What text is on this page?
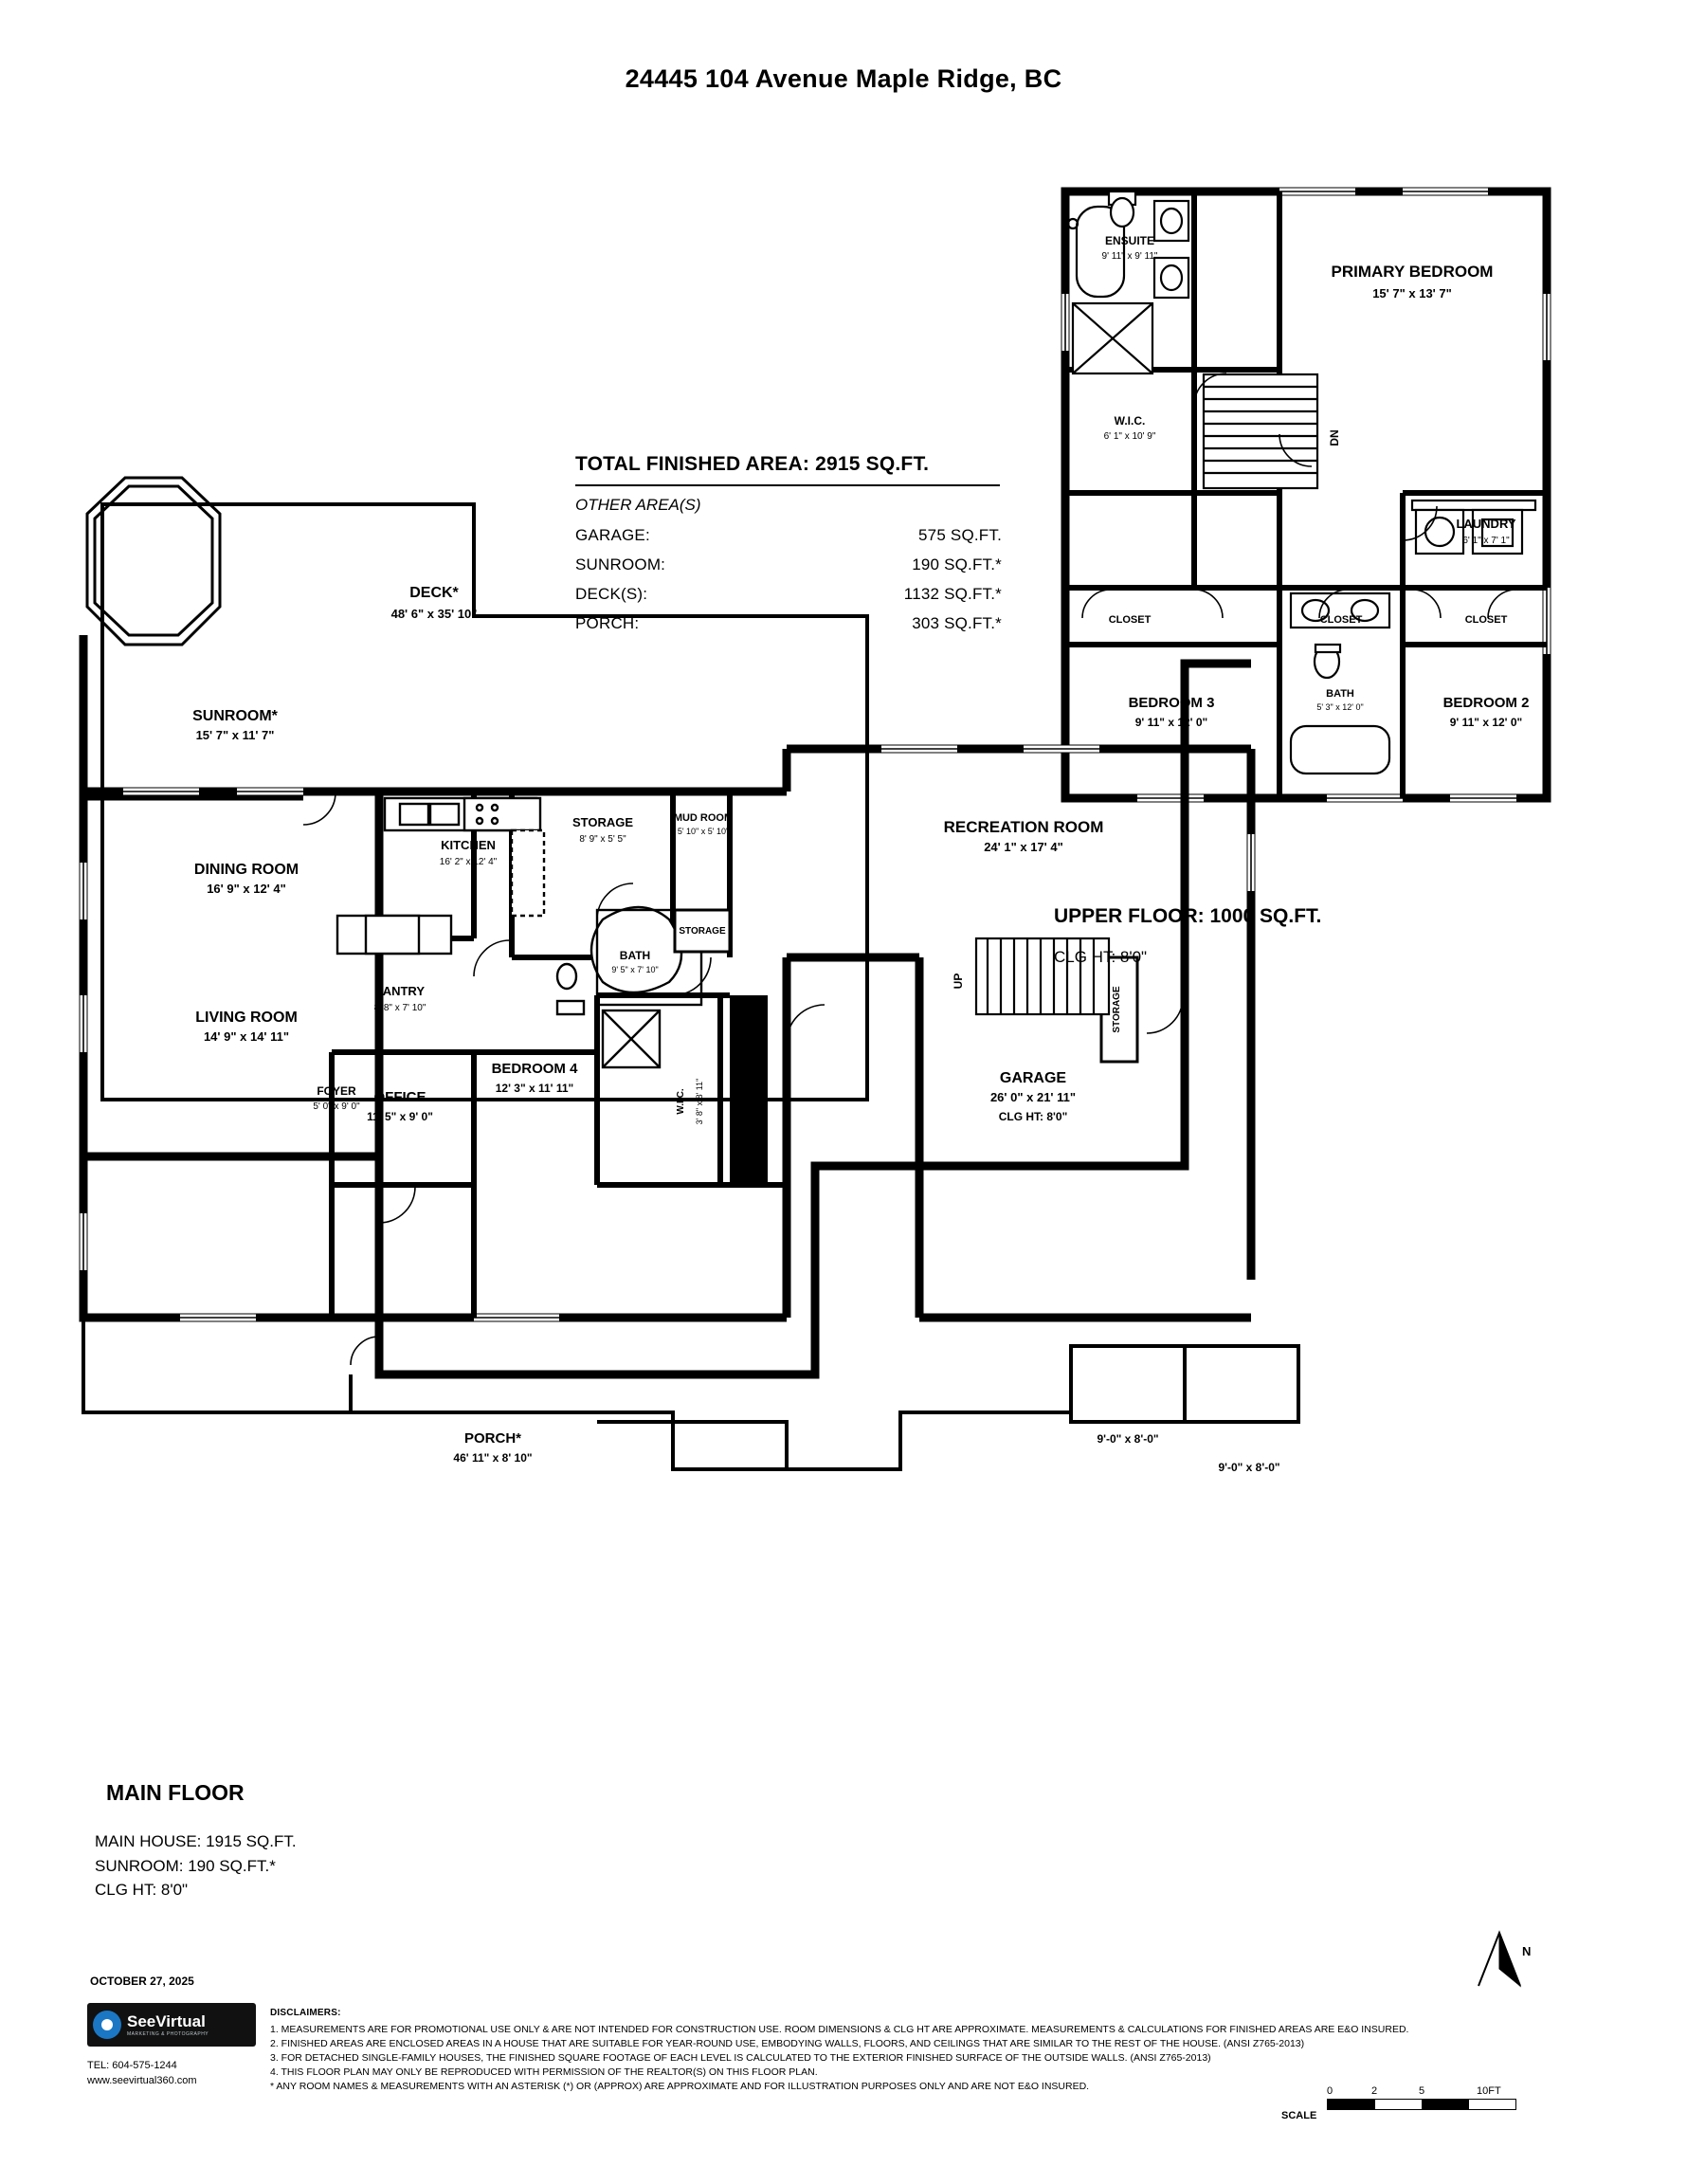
24445 104 Avenue Maple Ridge, BC
ENSUITE
9' 11" x 9' 11"
PRIMARY BEDROOM
15' 7" x 13' 7"
W.I.C.
6' 1" x 10' 9"
LAUNDRY
6' 1" x 7' 1"
CLOSET	CLOSET	CLOSET
BEDROOM 3
9' 11" x 12' 0"
BEDROOM 2
9' 11" x 12' 0"
BATH
5' 3" x 12' 0"
DN
DECK*
48' 6" x 35' 10"
SUNROOM*
15' 7" x 11' 7"
DINING ROOM
16' 9" x 12' 4"
KITCHEN
16' 2" x 12' 4"
STORAGE
8' 9" x 5' 5"
MUD ROOM
5' 10" x 5' 10"	RECREATION ROOM
24' 1" x 17' 4"
LIVING ROOM
14' 9" x 14' 11"
PANTRY
8' 8" x 7' 10"
BATH
9' 5" x 7' 10"
STORAGE
STORAGE
FOYER
5' 0" x 9' 0"
OFFICE
11' 5" x 9' 0"
BEDROOM 4
12' 3" x 11' 11"
W.I.C. 3' 8" x 8' 11"
GARAGE
26' 0" x 21' 11"
CLG HT: 8'0"
PORCH*
46' 11" x 8' 10"
9'-0" x 8'-0"
9'-0" x 8'-0"
UP
TOTAL FINISHED AREA: 2915 SQ.FT.
OTHER AREA(S)
GARAGE:	575 SQ.FT.
SUNROOM:	190 SQ.FT.*
DECK(S):	1132 SQ.FT.*
PORCH:	303 SQ.FT.*
UPPER FLOOR: 1000 SQ.FT.
CLG HT: 8'0"
MAIN FLOOR
MAIN HOUSE: 1915 SQ.FT.
SUNROOM: 190 SQ.FT.*
CLG HT: 8'0"
N
OCTOBER 27, 2025
SeeVirtual
MARKETING & PHOTOGRAPHY
TEL: 604-575-1244
www.seevirtual360.com
DISCLAIMERS:
1. MEASUREMENTS ARE FOR PROMOTIONAL USE ONLY & ARE NOT INTENDED FOR CONSTRUCTION USE. ROOM DIMENSIONS & CLG HT ARE APPROXIMATE. MEASUREMENTS & CALCULATIONS FOR FINISHED AREAS ARE E&O INSURED.
2. FINISHED AREAS ARE ENCLOSED AREAS IN A HOUSE THAT ARE SUITABLE FOR YEAR-ROUND USE, EMBODYING WALLS, FLOORS, AND CEILINGS THAT ARE SIMILAR TO THE REST OF THE HOUSE. (ANSI Z765-2013)
3. FOR DETACHED SINGLE-FAMILY HOUSES, THE FINISHED SQUARE FOOTAGE OF EACH LEVEL IS CALCULATED TO THE EXTERIOR FINISHED SURFACE OF THE OUTSIDE WALLS. (ANSI Z765-2013)
4. THIS FLOOR PLAN MAY ONLY BE REPRODUCED WITH PERMISSION OF THE REALTOR(S) ON THIS FLOOR PLAN.
* ANY ROOM NAMES & MEASUREMENTS WITH AN ASTERISK (*) OR (APPROX) ARE APPROXIMATE AND FOR ILLUSTRATION PURPOSES ONLY AND ARE NOT E&O INSURED.	0	2	5	10FT
SCALE
